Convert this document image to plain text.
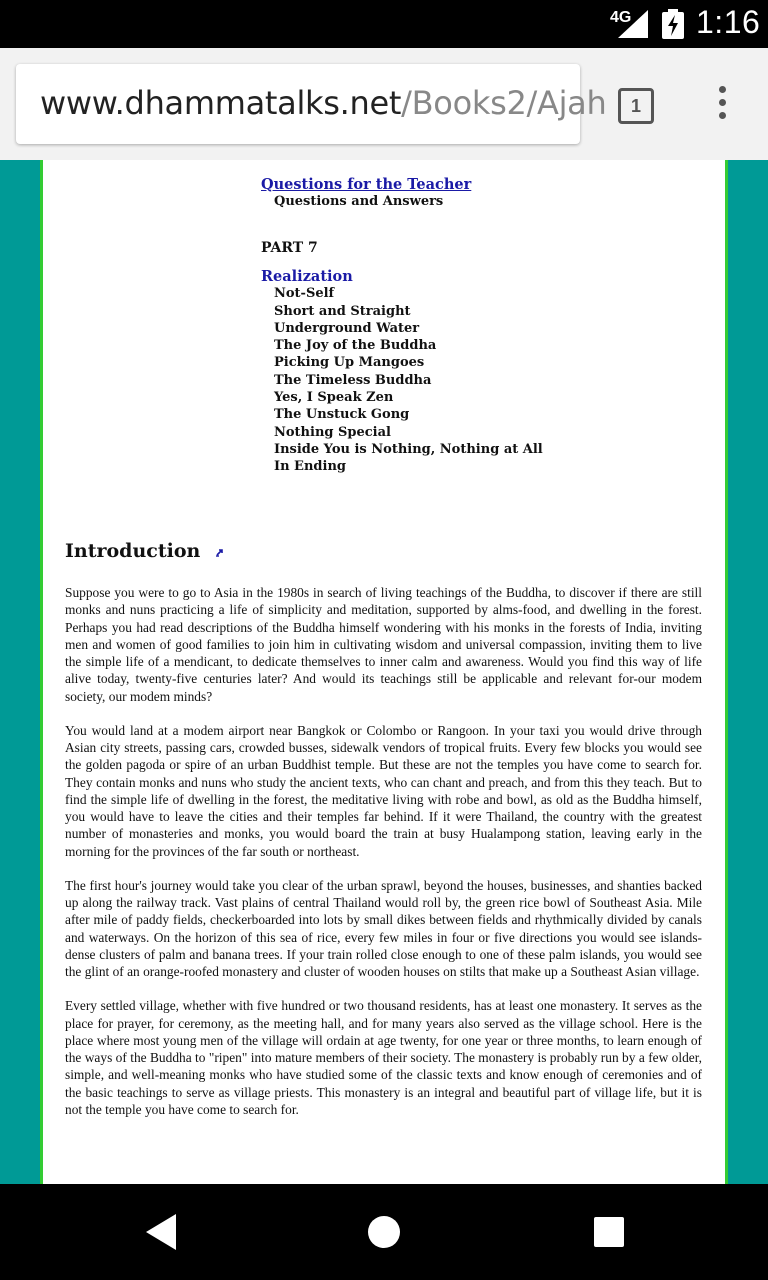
4G 1:16
www.dhammatalks.net/Books2/Ajah	1
Questions for the Teacher
Questions and Answers
PART 7
Realization
Not-Self
Short and Straight
Underground Water
The Joy of the Buddha
Picking Up Mangoes
The Timeless Buddha
Yes, I Speak Zen
The Unstuck Gong
Nothing Special
Inside You is Nothing, Nothing at All
In Ending
Introduction

Suppose you were to go to Asia in the 1980s in search of living teachings of the Buddha, to discover if there are still monks and nuns practicing a life of simplicity and meditation, supported by alms-food, and dwelling in the forest. Perhaps you had read descriptions of the Buddha himself wondering with his monks in the forests of India, inviting men and women of good families to join him in cultivating wisdom and universal compassion, inviting them to live the simple life of a mendicant, to dedicate themselves to inner calm and awareness. Would you find this way of life alive today, twenty-five centuries later? And would its teachings still be applicable and relevant for-our modem society, our modem minds?

You would land at a modem airport near Bangkok or Colombo or Rangoon. In your taxi you would drive through Asian city streets, passing cars, crowded busses, sidewalk vendors of tropical fruits. Every few blocks you would see the golden pagoda or spire of an urban Buddhist temple. But these are not the temples you have come to search for. They contain monks and nuns who study the ancient texts, who can chant and preach, and from this they teach. But to find the simple life of dwelling in the forest, the meditative living with robe and bowl, as old as the Buddha himself, you would have to leave the cities and their temples far behind. If it were Thailand, the country with the greatest number of monasteries and monks, you would board the train at busy Hualampong station, leaving early in the morning for the provinces of the far south or northeast.

The first hour's journey would take you clear of the urban sprawl, beyond the houses, businesses, and shanties backed up along the railway track. Vast plains of central Thailand would roll by, the green rice bowl of Southeast Asia. Mile after mile of paddy fields, checkerboarded into lots by small dikes between fields and rhythmically divided by canals and waterways. On the horizon of this sea of rice, every few miles in four or five directions you would see islands-dense clusters of palm and banana trees. If your train rolled close enough to one of these palm islands, you would see the glint of an orange-roofed monastery and cluster of wooden houses on stilts that make up a Southeast Asian village.

Every settled village, whether with five hundred or two thousand residents, has at least one monastery. It serves as the place for prayer, for ceremony, as the meeting hall, and for many years also served as the village school. Here is the place where most young men of the village will ordain at age twenty, for one year or three months, to learn enough of the ways of the Buddha to "ripen" into mature members of their society. The monastery is probably run by a few older, simple, and well-meaning monks who have studied some of the classic texts and know enough of ceremonies and of the basic teachings to serve as village priests. This monastery is an integral and beautiful part of village life, but it is not the temple you have come to search for.
